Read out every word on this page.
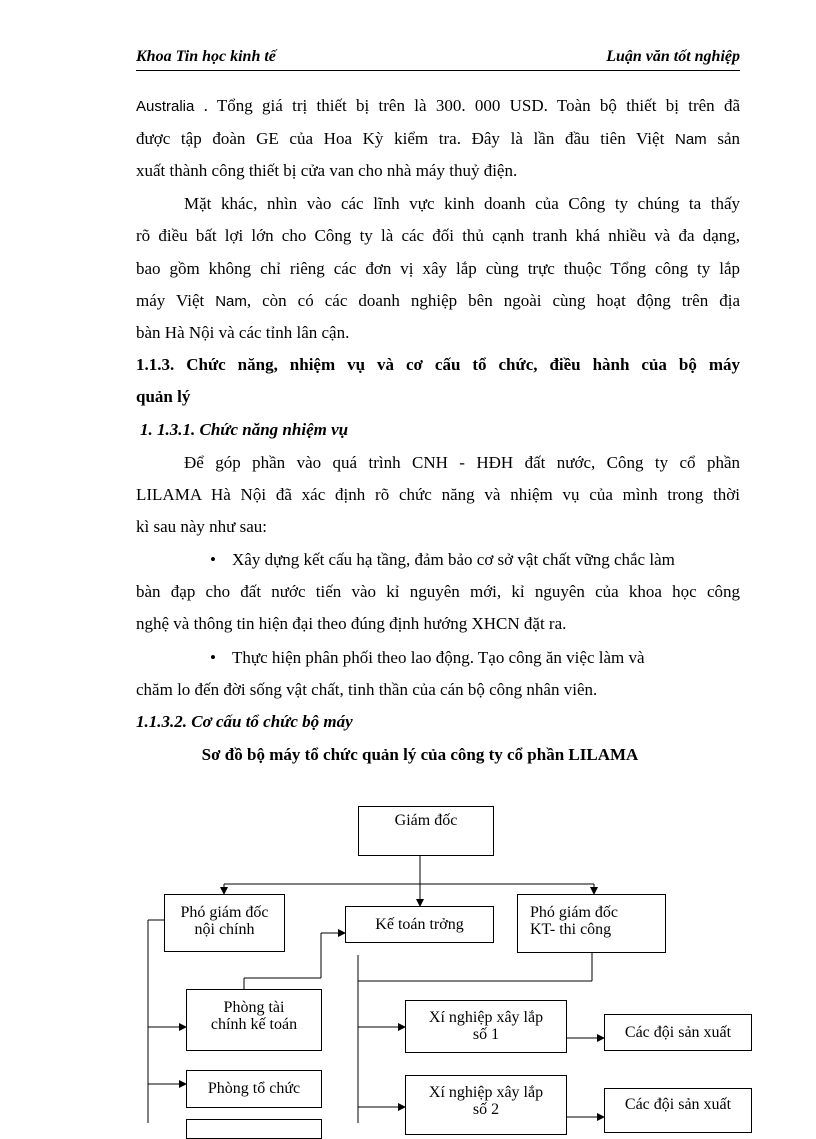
Khoa Tin học kinh tế	Luận văn tốt nghiệp
Australia . Tổng giá trị thiết bị trên là 300. 000 USD. Toàn bộ thiết bị trên đã
được tập đoàn GE của Hoa Kỳ kiểm tra. Đây là lần đầu tiên Việt Nam sản
xuất thành công thiết bị cửa van cho nhà máy thuỷ điện.
Mặt khác, nhìn vào các lĩnh vực kinh doanh của Công ty chúng ta thấy
rõ điều bất lợi lớn cho Công ty là các đối thủ cạnh tranh khá nhiều và đa dạng,
bao gồm không chỉ riêng các đơn vị xây lắp cùng trực thuộc Tổng công ty lắp
máy Việt Nam, còn có các doanh nghiệp bên ngoài cùng hoạt động trên địa
bàn Hà Nội và các tỉnh lân cận.
1.1.3. Chức năng, nhiệm vụ và cơ cấu tổ chức, điều hành của bộ máy
quản lý
1. 1.3.1. Chức năng nhiệm vụ
Để góp phần vào quá trình CNH - HĐH đất nước, Công ty cổ phần
LILAMA Hà Nội đã xác định rõ chức năng và nhiệm vụ của mình trong thời
kì sau này như sau:
• Xây dựng kết cấu hạ tầng, đảm bảo cơ sở vật chất vững chắc làm
bàn đạp cho đất nước tiến vào kỉ nguyên mới, kỉ nguyên của khoa học công
nghệ và thông tin hiện đại theo đúng định hướng XHCN đặt ra.
• Thực hiện phân phối theo lao động. Tạo công ăn việc làm và
chăm lo đến đời sống vật chất, tinh thần của cán bộ công nhân viên.
1.1.3.2. Cơ cấu tổ chức bộ máy
Sơ đồ bộ máy tổ chức quản lý của công ty cổ phần LILAMA
Giám đốc
Phó giám đốc
nội chính	Kế toán trởng
Phó giám đốc
KT- thi công
Phòng tài
chính kế toán
Phòng tổ chức
Xí nghiệp xây lắp
số 1
Xí nghiệp xây lắp
số 2
Các đội sản xuất
Các đội sản xuất
